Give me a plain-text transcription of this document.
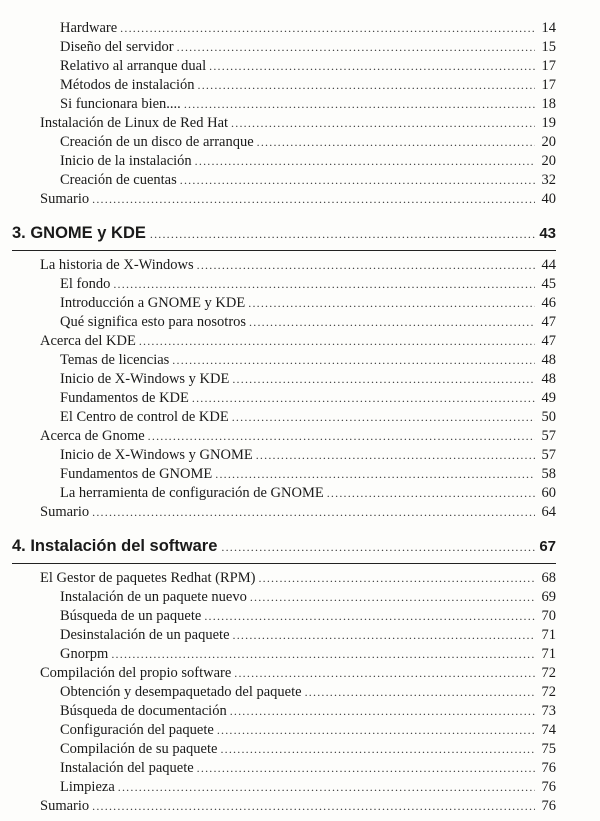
Hardware .....	14
Diseño del servidor .....	15
Relativo al arranque dual .....	17
Métodos de instalación .....	17
Si funcionara bien.... .....	18
Instalación de Linux de Red Hat .....	19
Creación de un disco de arranque .....	20
Inicio de la instalación .....	20
Creación de cuentas .....	32
Sumario .....	40
3. GNOME y KDE .....	43
La historia de X-Windows .....	44
El fondo .....	45
Introducción a GNOME y KDE .....	46
Qué significa esto para nosotros .....	47
Acerca del KDE .....	47
Temas de licencias .....	48
Inicio de X-Windows y KDE .....	48
Fundamentos de KDE .....	49
El Centro de control de KDE .....	50
Acerca de Gnome .....	57
Inicio de X-Windows y GNOME .....	57
Fundamentos de GNOME .....	58
La herramienta de configuración de GNOME .....	60
Sumario .....	64
4. Instalación del software .....	67
El Gestor de paquetes Redhat (RPM) .....	68
Instalación de un paquete nuevo .....	69
Búsqueda de un paquete .....	70
Desinstalación de un paquete .....	71
Gnorpm .....	71
Compilación del propio software .....	72
Obtención y desempaquetado del paquete .....	72
Búsqueda de documentación .....	73
Configuración del paquete .....	74
Compilación de su paquete .....	75
Instalación del paquete .....	76
Limpieza .....	76
Sumario .....	76
